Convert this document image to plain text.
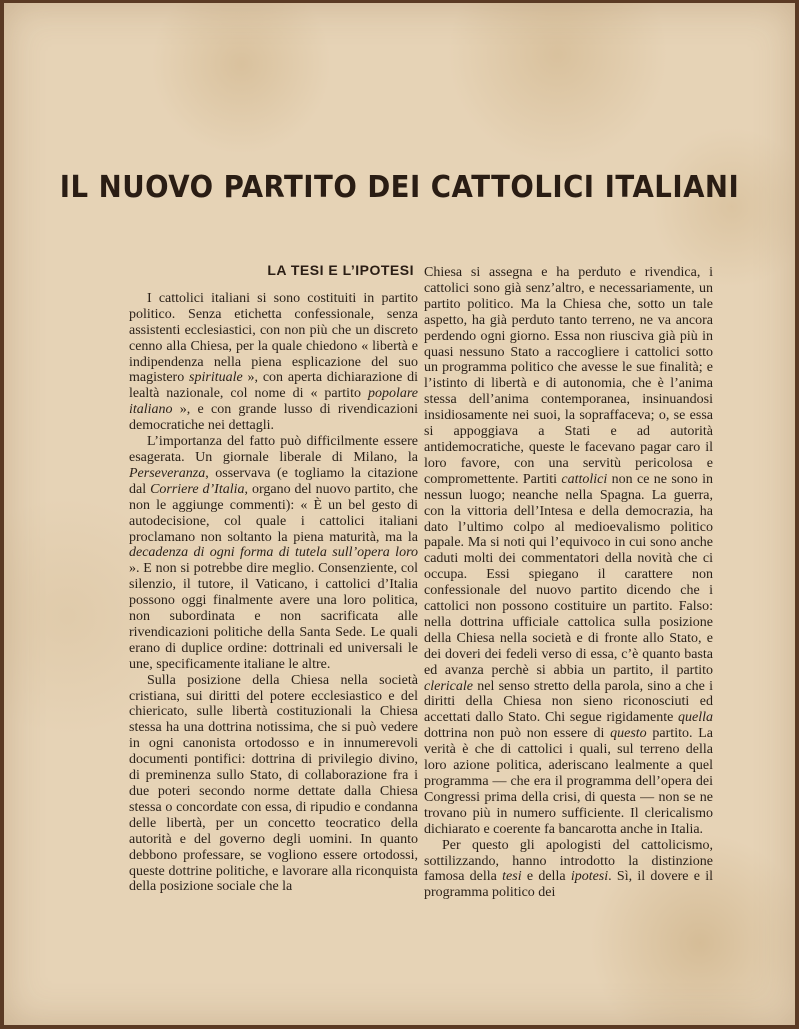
IL NUOVO PARTITO DEI CATTOLICI ITALIANI
LA TESI E L’IPOTESI

I cattolici italiani si sono costituiti in partito politico. Senza etichetta confessionale, senza assistenti ecclesiastici, con non più che un discreto cenno alla Chiesa, per la quale chiedono « libertà e indipendenza nella piena esplicazione del suo magistero spirituale », con aperta dichiarazione di lealtà nazionale, col nome di « partito popolare italiano », e con grande lusso di rivendicazioni democratiche nei dettagli.

L’importanza del fatto può difficilmente essere esagerata. Un giornale liberale di Milano, la Perseveranza, osservava (e togliamo la citazione dal Corriere d’Italia, organo del nuovo partito, che non le aggiunge commenti): « È un bel gesto di autodecisione, col quale i cattolici italiani proclamano non soltanto la piena maturità, ma la decadenza di ogni forma di tutela sull’opera loro ». E non si potrebbe dire meglio. Consenziente, col silenzio, il tutore, il Vaticano, i cattolici d’Italia possono oggi finalmente avere una loro politica, non subordinata e non sacrificata alle rivendicazioni politiche della Santa Sede. Le quali erano di duplice ordine: dottrinali ed universali le une, specificamente italiane le altre.

Sulla posizione della Chiesa nella società cristiana, sui diritti del potere ecclesiastico e del chiericato, sulle libertà costituzionali la Chiesa stessa ha una dottrina notissima, che si può vedere in ogni canonista ortodosso e in innumerevoli documenti pontifici: dottrina di privilegio divino, di preminenza sullo Stato, di collaborazione fra i due poteri secondo norme dettate dalla Chiesa stessa o concordate con essa, di ripudio e condanna delle libertà, per un concetto teocratico della autorità e del governo degli uomini. In quanto debbono professare, se vogliono essere ortodossi, queste dottrine politiche, e lavorare alla riconquista della posizione sociale che la

Chiesa si assegna e ha perduto e rivendica, i cattolici sono già senz’altro, e necessariamente, un partito politico. Ma la Chiesa che, sotto un tale aspetto, ha già perduto tanto terreno, ne va ancora perdendo ogni giorno. Essa non riusciva già più in quasi nessuno Stato a raccogliere i cattolici sotto un programma politico che avesse le sue finalità; e l’istinto di libertà e di autonomia, che è l’anima stessa dell’anima contemporanea, insinuandosi insidiosamente nei suoi, la sopraffaceva; o, se essa si appoggiava a Stati e ad autorità antidemocratiche, queste le facevano pagar caro il loro favore, con una servitù pericolosa e compromettente. Partiti cattolici non ce ne sono in nessun luogo; neanche nella Spagna. La guerra, con la vittoria dell’Intesa e della democrazia, ha dato l’ultimo colpo al medioevalismo politico papale. Ma si noti qui l’equivoco in cui sono anche caduti molti dei commentatori della novità che ci occupa. Essi spiegano il carattere non confessionale del nuovo partito dicendo che i cattolici non possono costituire un partito. Falso: nella dottrina ufficiale cattolica sulla posizione della Chiesa nella società e di fronte allo Stato, e dei doveri dei fedeli verso di essa, c’è quanto basta ed avanza perchè si abbia un partito, il partito clericale nel senso stretto della parola, sino a che i diritti della Chiesa non sieno riconosciuti ed accettati dallo Stato. Chi segue rigidamente quella dottrina non può non essere di questo partito. La verità è che di cattolici i quali, sul terreno della loro azione politica, aderiscano lealmente a quel programma — che era il programma dell’opera dei Congressi prima della crisi, di questa — non se ne trovano più in numero sufficiente. Il clericalismo dichiarato e coerente fa bancarotta anche in Italia.

Per questo gli apologisti del cattolicismo, sottilizzando, hanno introdotto la distinzione famosa della tesi e della ipotesi. Sì, il dovere e il programma politico dei
